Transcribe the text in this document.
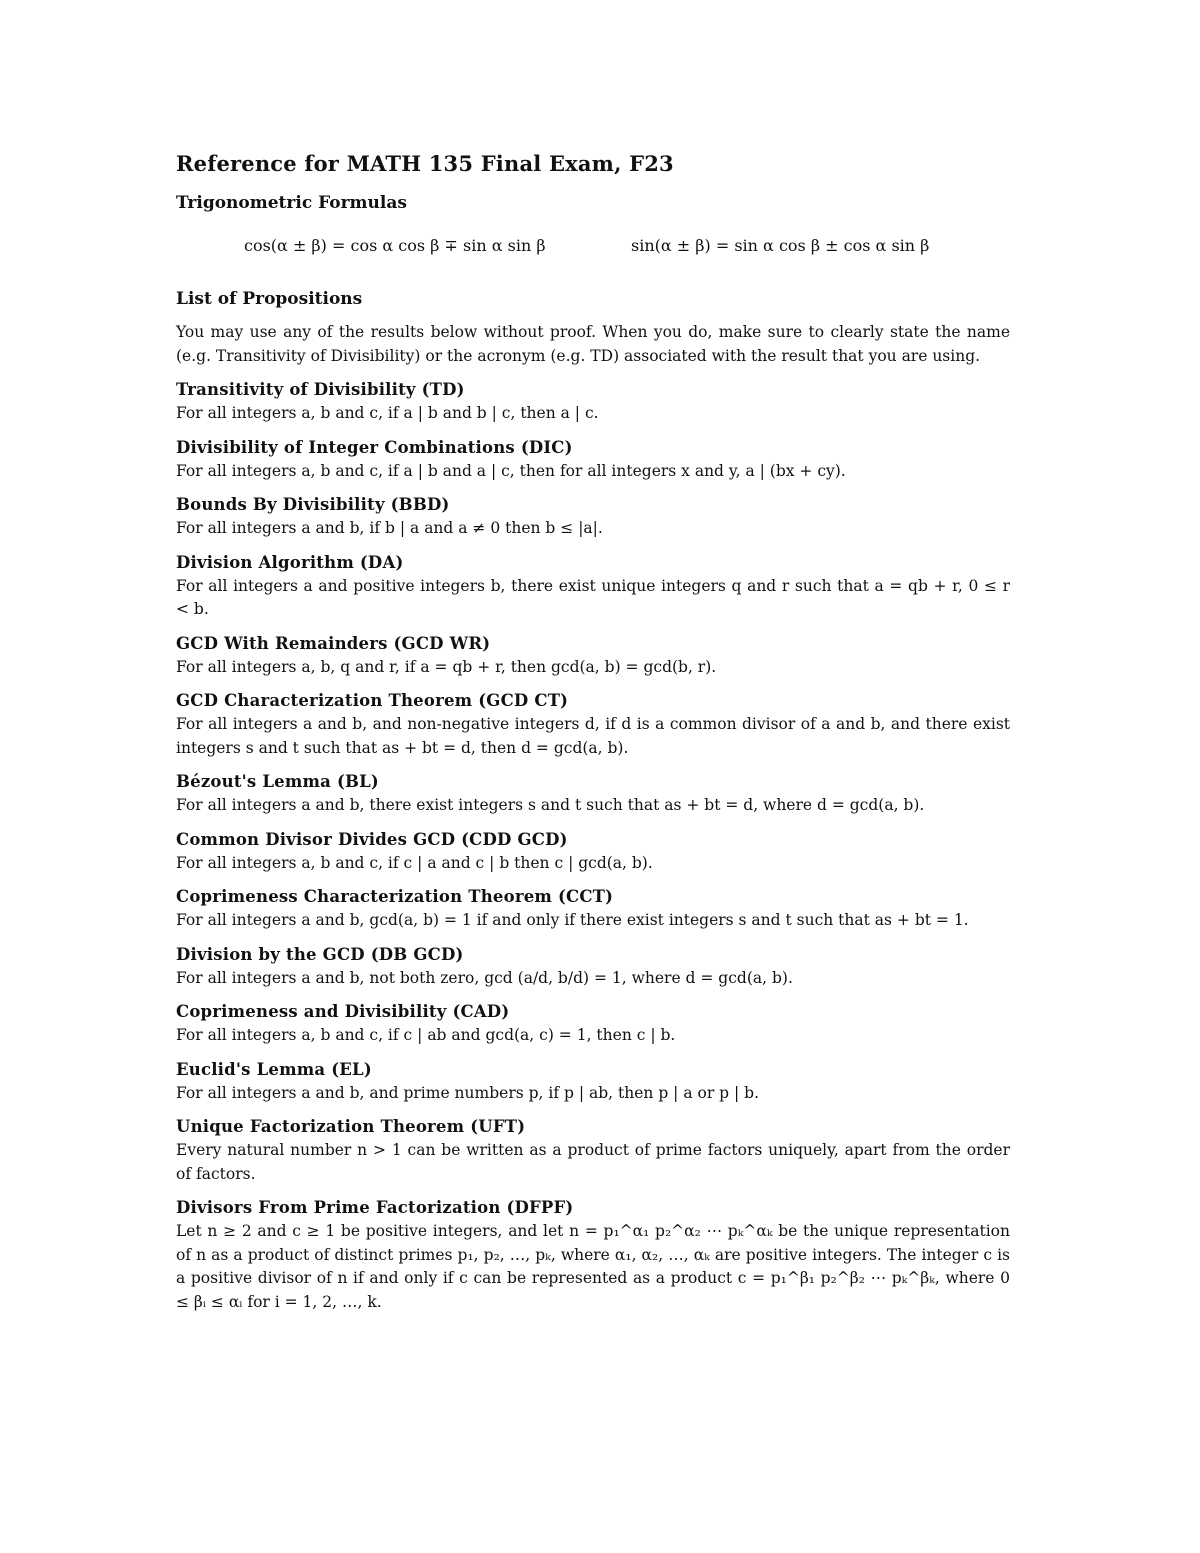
Reference for MATH 135 Final Exam, F23
Trigonometric Formulas
cos(α ± β) = cos α cos β ∓ sin α sin β	sin(α ± β) = sin α cos β ± cos α sin β
List of Propositions

You may use any of the results below without proof. When you do, make sure to clearly state the name (e.g. Transitivity of Divisibility) or the acronym (e.g. TD) associated with the result that you are using.

Transitivity of Divisibility (TD)
For all integers a, b and c, if a | b and b | c, then a | c.
Divisibility of Integer Combinations (DIC)
For all integers a, b and c, if a | b and a | c, then for all integers x and y, a | (bx + cy).
Bounds By Divisibility (BBD)
For all integers a and b, if b | a and a ≠ 0 then b ≤ |a|.
Division Algorithm (DA)
For all integers a and positive integers b, there exist unique integers q and r such that a = qb + r, 0 ≤ r < b.
GCD With Remainders (GCD WR)
For all integers a, b, q and r, if a = qb + r, then gcd(a, b) = gcd(b, r).
GCD Characterization Theorem (GCD CT)
For all integers a and b, and non-negative integers d, if d is a common divisor of a and b, and there exist integers s and t such that as + bt = d, then d = gcd(a, b).
Bézout's Lemma (BL)
For all integers a and b, there exist integers s and t such that as + bt = d, where d = gcd(a, b).
Common Divisor Divides GCD (CDD GCD)
For all integers a, b and c, if c | a and c | b then c | gcd(a, b).
Coprimeness Characterization Theorem (CCT)
For all integers a and b, gcd(a, b) = 1 if and only if there exist integers s and t such that as + bt = 1.
Division by the GCD (DB GCD)
For all integers a and b, not both zero, gcd (a/d, b/d) = 1, where d = gcd(a, b).
Coprimeness and Divisibility (CAD)
For all integers a, b and c, if c | ab and gcd(a, c) = 1, then c | b.
Euclid's Lemma (EL)
For all integers a and b, and prime numbers p, if p | ab, then p | a or p | b.
Unique Factorization Theorem (UFT)
Every natural number n > 1 can be written as a product of prime factors uniquely, apart from the order of factors.
Divisors From Prime Factorization (DFPF)
Let n ≥ 2 and c ≥ 1 be positive integers, and let n = p₁^α₁ p₂^α₂ ⋯ pₖ^αₖ be the unique representation of n as a product of distinct primes p₁, p₂, …, pₖ, where α₁, α₂, …, αₖ are positive integers. The integer c is a positive divisor of n if and only if c can be represented as a product c = p₁^β₁ p₂^β₂ ⋯ pₖ^βₖ, where 0 ≤ βᵢ ≤ αᵢ for i = 1, 2, …, k.
